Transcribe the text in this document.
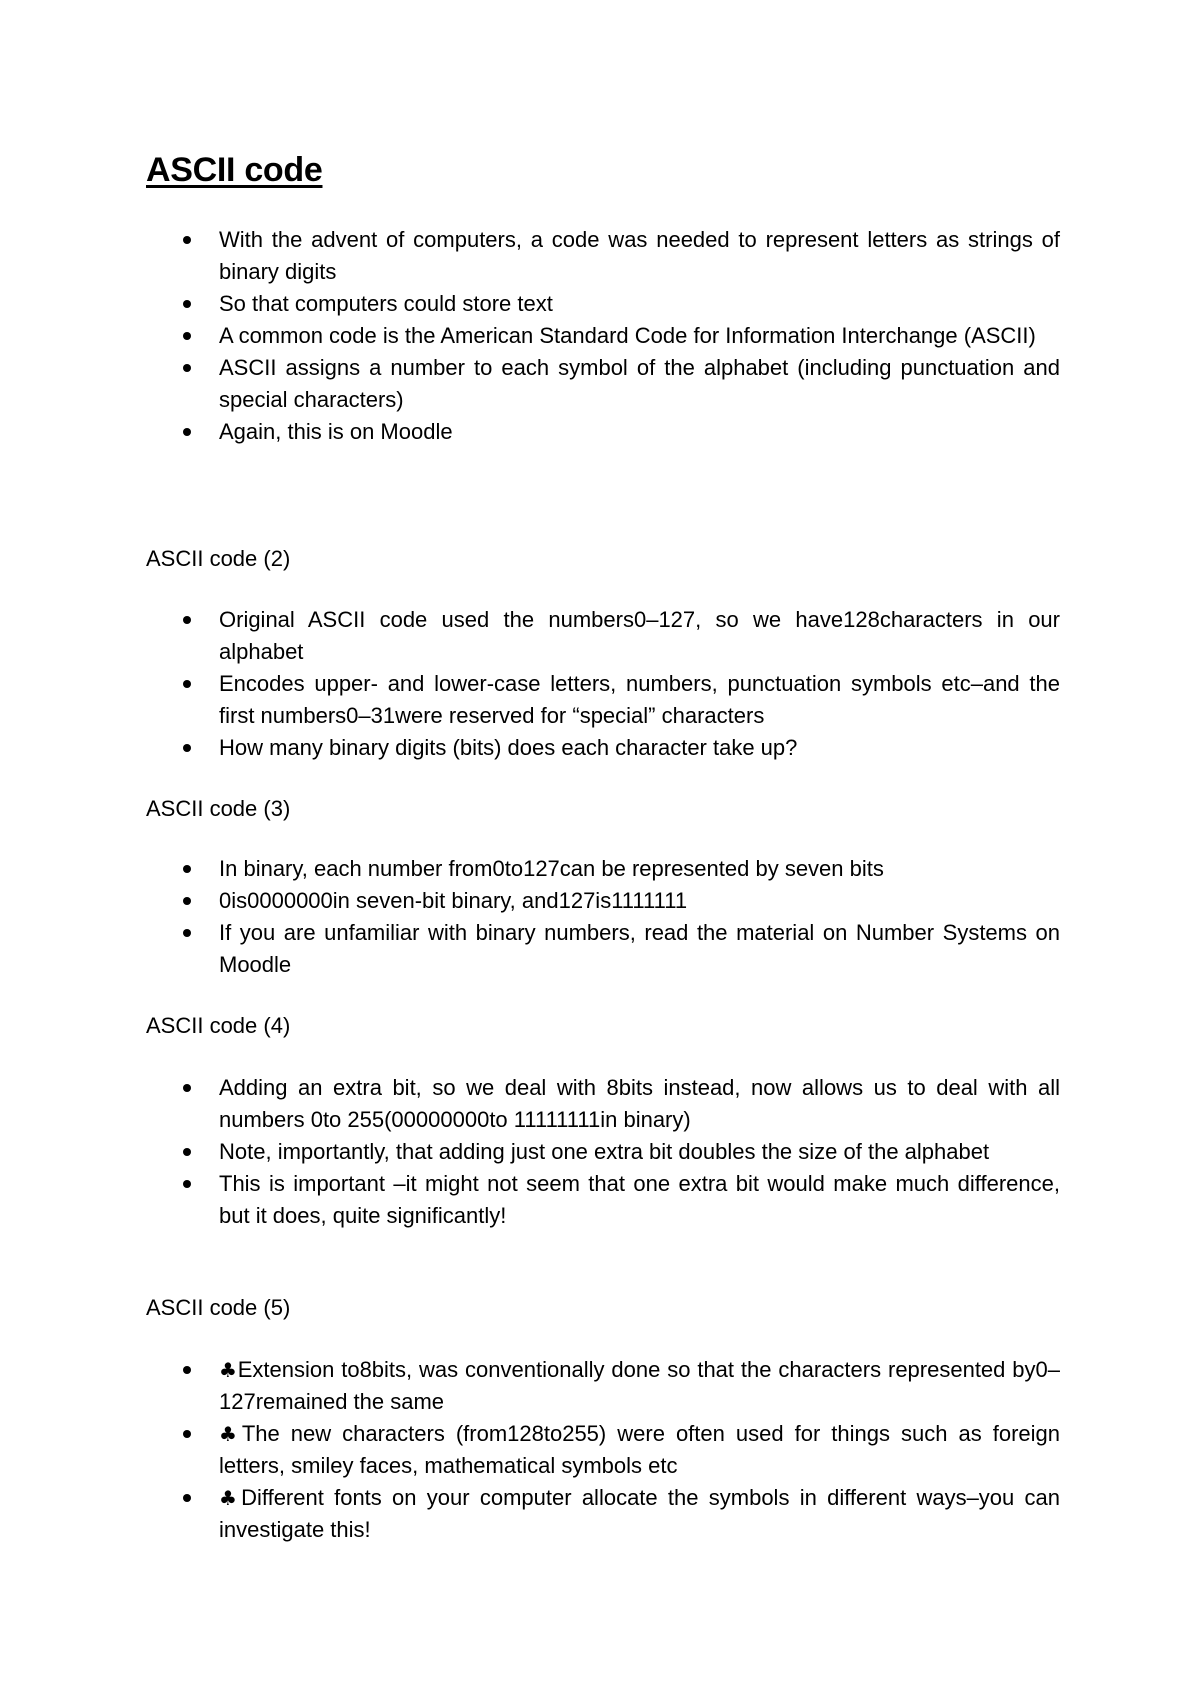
ASCII code
With the advent of computers, a code was needed to represent letters as strings of binary digits
So that computers could store text
A common code is the American Standard Code for Information Interchange (ASCII)
ASCII assigns a number to each symbol of the alphabet (including punctuation and special characters)
Again, this is on Moodle
ASCII code (2)
Original ASCII code used the numbers0–127, so we have128characters in our alphabet
Encodes upper- and lower-case letters, numbers, punctuation symbols etc–and the first numbers0–31were reserved for “special” characters
How many binary digits (bits) does each character take up?
ASCII code (3)
In binary, each number from0to127can be represented by seven bits
0is0000000in seven-bit binary, and127is1111111
If you are unfamiliar with binary numbers, read the material on Number Systems on Moodle
ASCII code (4)
Adding an extra bit, so we deal with 8bits instead, now allows us to deal with all numbers 0to 255(00000000to 11111111in binary)
Note, importantly, that adding just one extra bit doubles the size of the alphabet
This is important –it might not seem that one extra bit would make much difference, but it does, quite significantly!
ASCII code (5)
♣Extension to8bits, was conventionally done so that the characters represented by0–127remained the same
♣The new characters (from128to255) were often used for things such as foreign letters, smiley faces, mathematical symbols etc
♣Different fonts on your computer allocate the symbols in different ways–you can investigate this!
